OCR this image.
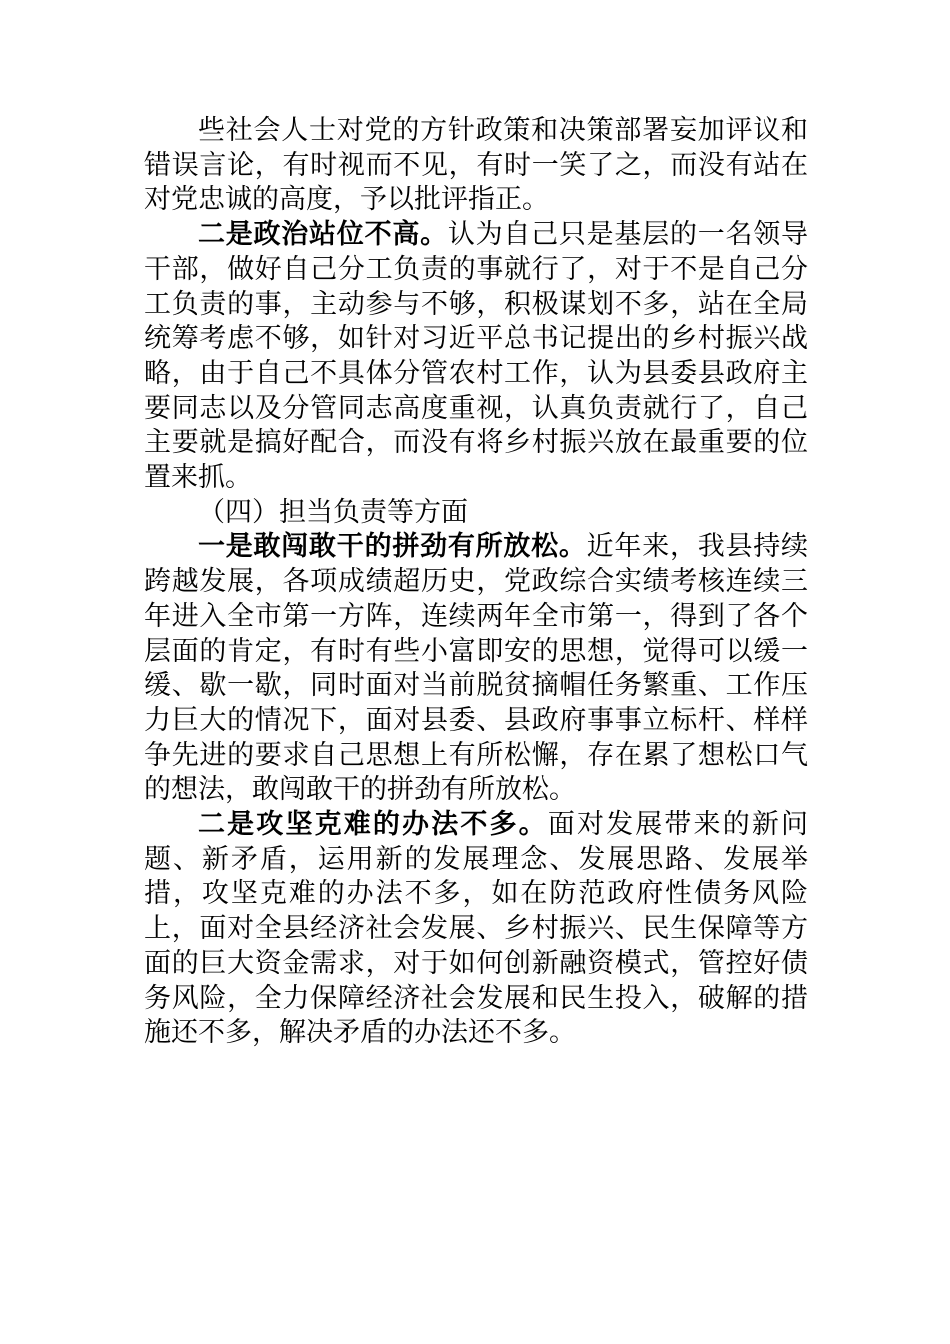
些社会人士对党的方针政策和决策部署妄加评议和错误言论，有时视而不见，有时一笑了之，而没有站在对党忠诚的高度，予以批评指正。

二是政治站位不高。认为自己只是基层的一名领导干部，做好自己分工负责的事就行了，对于不是自己分工负责的事，主动参与不够，积极谋划不多，站在全局统筹考虑不够，如针对习近平总书记提出的乡村振兴战略，由于自己不具体分管农村工作，认为县委县政府主要同志以及分管同志高度重视，认真负责就行了，自己主要就是搞好配合，而没有将乡村振兴放在最重要的位置来抓。

（四）担当负责等方面

一是敢闯敢干的拼劲有所放松。近年来，我县持续跨越发展，各项成绩超历史，党政综合实绩考核连续三年进入全市第一方阵，连续两年全市第一，得到了各个层面的肯定，有时有些小富即安的思想，觉得可以缓一缓、歇一歇，同时面对当前脱贫摘帽任务繁重、工作压力巨大的情况下，面对县委、县政府事事立标杆、样样争先进的要求自己思想上有所松懈，存在累了想松口气的想法，敢闯敢干的拼劲有所放松。

二是攻坚克难的办法不多。面对发展带来的新问题、新矛盾，运用新的发展理念、发展思路、发展举措，攻坚克难的办法不多，如在防范政府性债务风险上，面对全县经济社会发展、乡村振兴、民生保障等方面的巨大资金需求，对于如何创新融资模式，管控好债务风险，全力保障经济社会发展和民生投入，破解的措施还不多，解决矛盾的办法还不多。
